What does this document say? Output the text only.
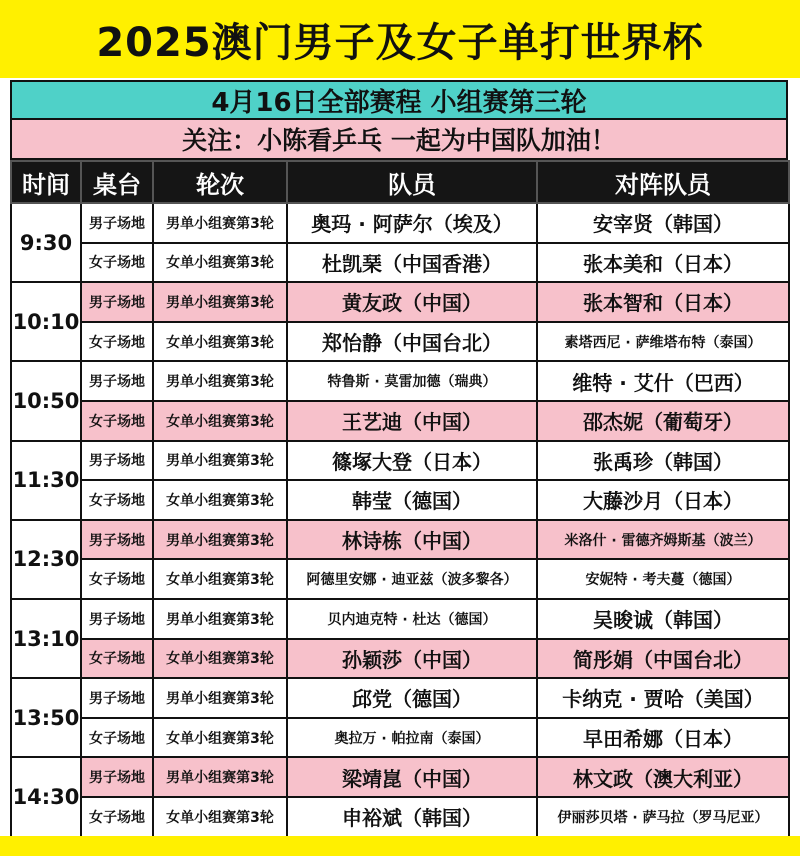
2025澳门男子及女子单打世界杯
4月16日全部赛程 小组赛第三轮
关注：小陈看乒乓 一起为中国队加油！
时间	桌台	轮次	队员	对阵队员
9:30	男子场地	男单小组赛第3轮	奥玛 · 阿萨尔（埃及）	安宰贤（韩国）
	女子场地	女单小组赛第3轮	杜凯琹（中国香港）	张本美和（日本）
10:10	男子场地	男单小组赛第3轮	黄友政（中国）	张本智和（日本）
	女子场地	女单小组赛第3轮	郑怡静（中国台北）	素塔西尼 · 萨维塔布特（泰国）
10:50	男子场地	男单小组赛第3轮	特鲁斯 · 莫雷加德（瑞典）	维特 · 艾什（巴西）
	女子场地	女单小组赛第3轮	王艺迪（中国）	邵杰妮（葡萄牙）
11:30	男子场地	男单小组赛第3轮	篠塚大登（日本）	张禹珍（韩国）
	女子场地	女单小组赛第3轮	韩莹（德国）	大藤沙月（日本）
12:30	男子场地	男单小组赛第3轮	林诗栋（中国）	米洛什 · 雷德齐姆斯基（波兰）
	女子场地	女单小组赛第3轮	阿德里安娜 · 迪亚兹（波多黎各）	安妮特 · 考夫蔓（德国）
13:10	男子场地	男单小组赛第3轮	贝内迪克特 · 杜达（德国）	吴晙诚（韩国）
	女子场地	女单小组赛第3轮	孙颖莎（中国）	简彤娟（中国台北）
13:50	男子场地	男单小组赛第3轮	邱党（德国）	卡纳克 · 贾哈（美国）
	女子场地	女单小组赛第3轮	奥拉万 · 帕拉南（泰国）	早田希娜（日本）
14:30	男子场地	男单小组赛第3轮	梁靖崑（中国）	林文政（澳大利亚）
	女子场地	女单小组赛第3轮	申裕斌（韩国）	伊丽莎贝塔 · 萨马拉（罗马尼亚）
